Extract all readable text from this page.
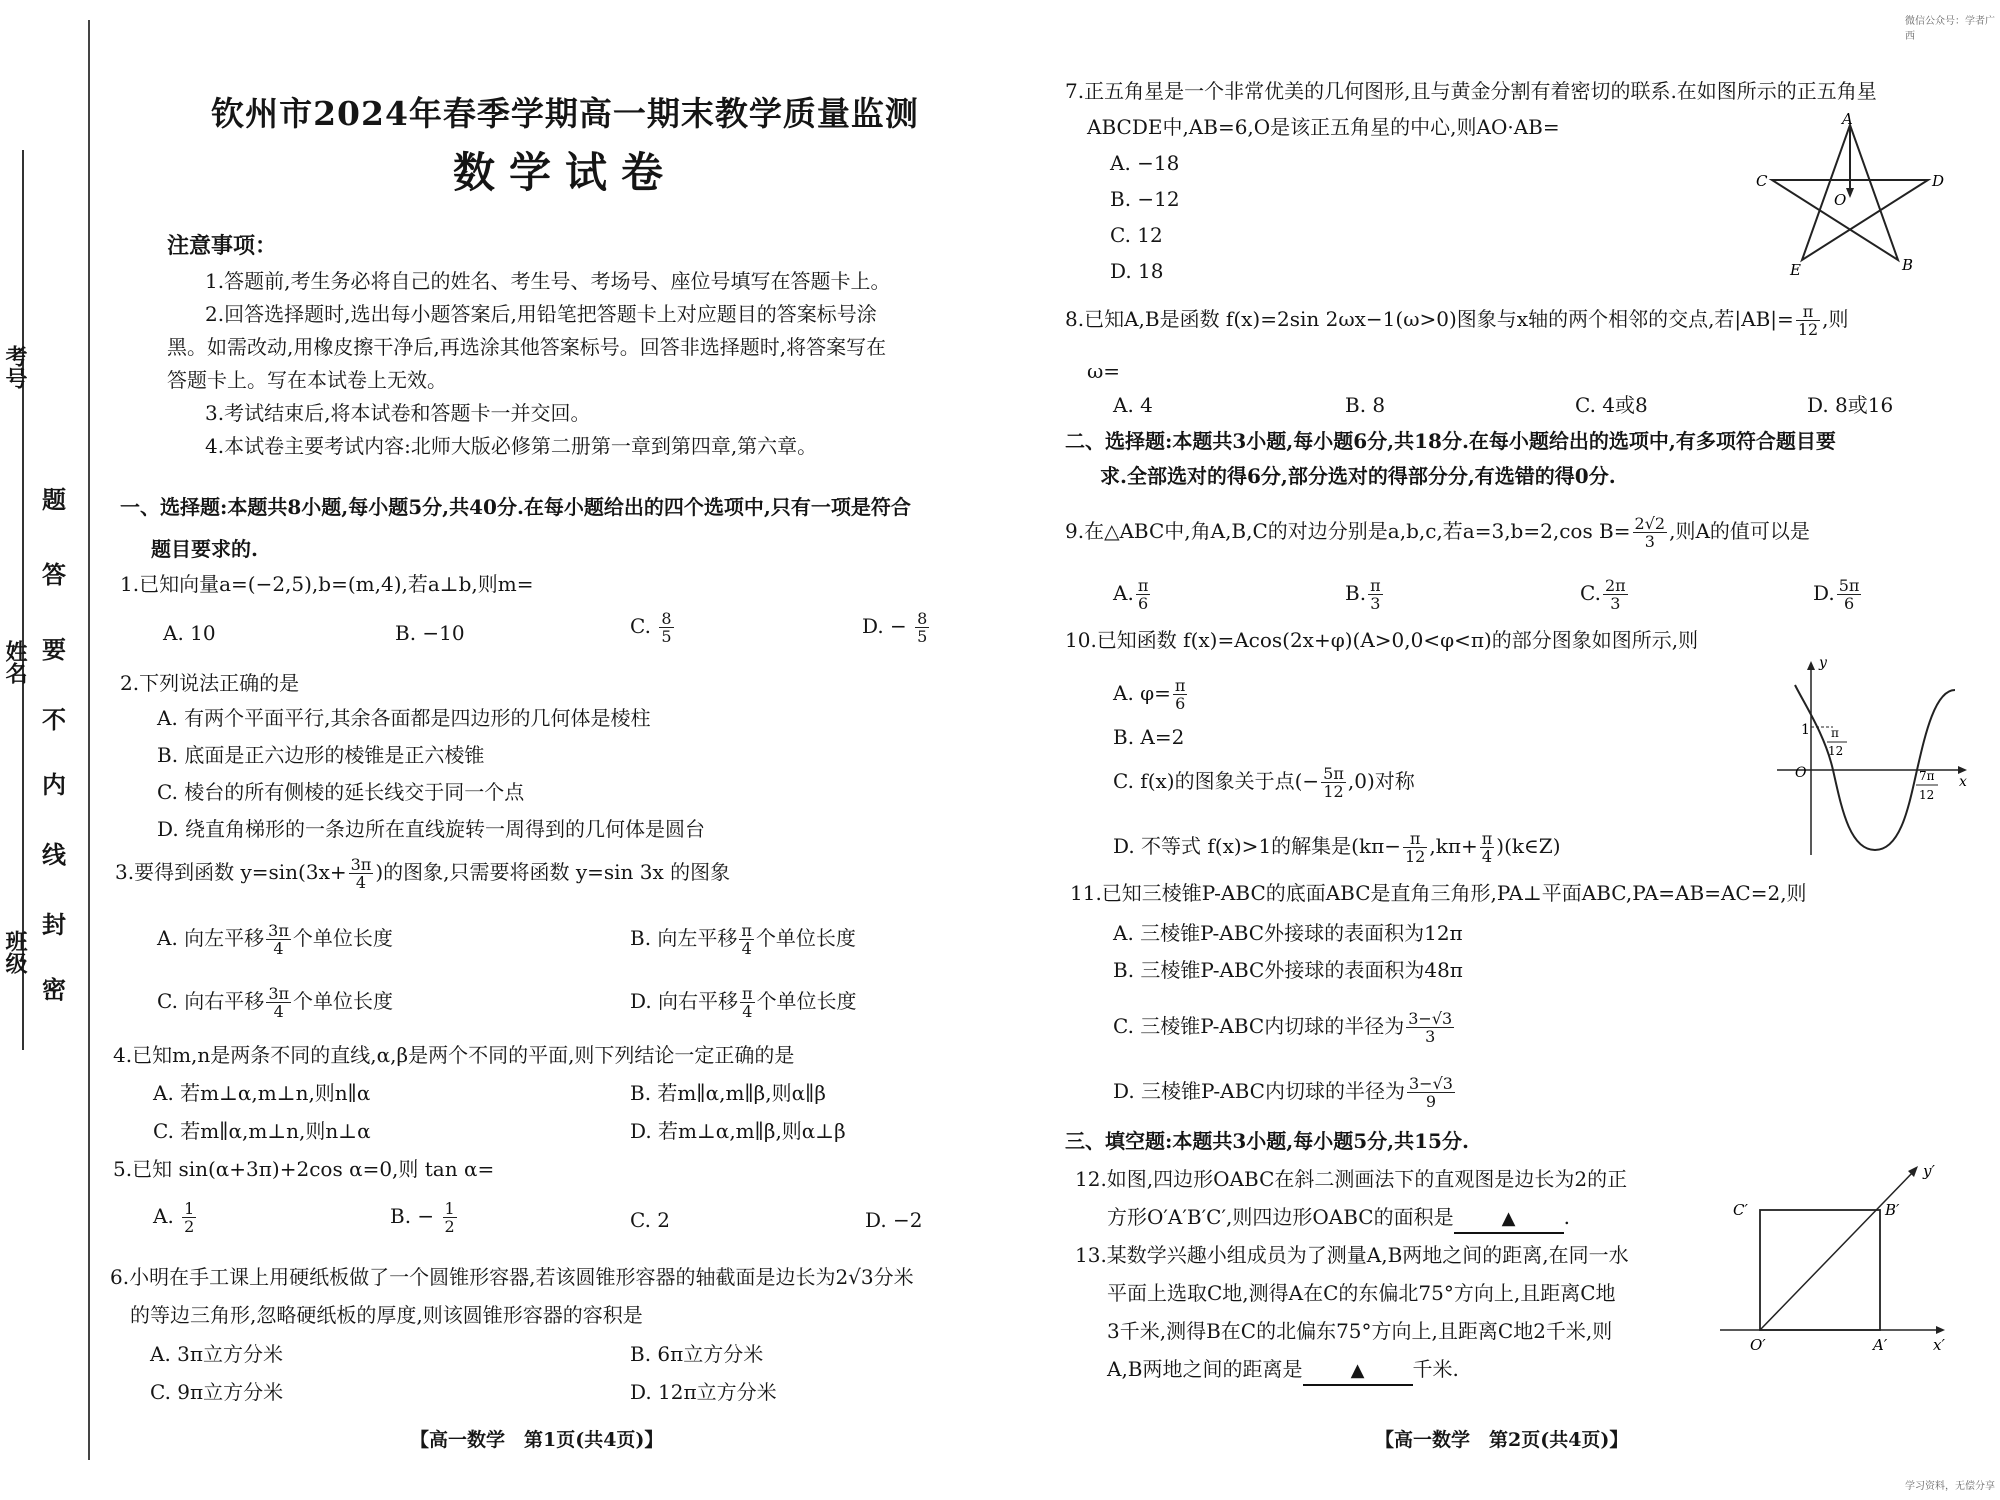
考号
姓名
班级
题
答
要
不
内
线
封
密
钦州市2024年春季学期高一期末教学质量监测
数学试卷
注意事项：
1.答题前,考生务必将自己的姓名、考生号、考场号、座位号填写在答题卡上。
2.回答选择题时,选出每小题答案后,用铅笔把答题卡上对应题目的答案标号涂
黑。如需改动,用橡皮擦干净后,再选涂其他答案标号。回答非选择题时,将答案写在
答题卡上。写在本试卷上无效。
3.考试结束后,将本试卷和答题卡一并交回。
4.本试卷主要考试内容:北师大版必修第二册第一章到第四章,第六章。
一、选择题:本题共8小题,每小题5分,共40分.在每小题给出的四个选项中,只有一项是符合
题目要求的.
1.已知向量a=(−2,5),b=(m,4),若a⊥b,则m=
A. 10	B. −10	C. $\frac{8}{5}$	D. − $\frac{8}{5}$
2.下列说法正确的是
A. 有两个平面平行,其余各面都是四边形的几何体是棱柱
B. 底面是正六边形的棱锥是正六棱锥
C. 棱台的所有侧棱的延长线交于同一个点
D. 绕直角梯形的一条边所在直线旋转一周得到的几何体是圆台
3.要得到函数 $y=\sin(3x+ \frac{3\pi}{4}$ )的图象,只需要将函数 y=sin 3x 的图象
A. 向左平移 $\frac{3\pi}{4}$ 个单位长度	B. 向左平移 $\frac{\pi}{4}$ 个单位长度
C. 向右平移 $\frac{3\pi}{4}$ 个单位长度	D. 向右平移 $\frac{\pi}{4}$ 个单位长度
4.已知m,n是两条不同的直线,α,β是两个不同的平面,则下列结论一定正确的是
A. 若m⊥α,m⊥n,则n∥α	B. 若m∥α,m∥β,则α∥β
C. 若m∥α,m⊥n,则n⊥α	D. 若m⊥α,m∥β,则α⊥β
5.已知 sin(α+3π)+2cos α=0,则 tan α=
A. $\frac{1}{2}$	B. − $\frac{1}{2}$	C. 2	D. −2
6.小明在手工课上用硬纸板做了一个圆锥形容器,若该圆锥形容器的轴截面是边长为2√3分米
的等边三角形,忽略硬纸板的厚度,则该圆锥形容器的容积是
A. 3π立方分米	B. 6π立方分米
C. 9π立方分米	D. 12π立方分米
【高一数学　第1页(共4页)】
7.正五角星是一个非常优美的几何图形,且与黄金分割有着密切的联系.在如图所示的正五角星
ABCDE中,AB=6,O是该正五角星的中心,则AO·AB=
A. −18
B. −12
C. 12
D. 18
A
B
C	D
E
O
8.已知A,B是函数 f(x)=2sin 2ωx−1(ω>0)图象与x轴的两个相邻的交点,若$|AB|= \frac{\pi}{12}$ ,则
ω=
A. 4	B. 8	C. 4或8	D. 8或16
二、选择题:本题共3小题,每小题6分,共18分.在每小题给出的选项中,有多项符合题目要
求.全部选对的得6分,部分选对的得部分分,有选错的得0分.
9.在△ABC中,角A,B,C的对边分别是a,b,c,若a=3,b=2,cos $B= \frac{2√2}{3}$ ,则A的值可以是
A. $\frac{\pi}{6}$	B. $\frac{\pi}{3}$	C. $\frac{2\pi}{3}$	D. $\frac{5\pi}{6}$
10.已知函数 f(x)=Acos(2x+φ)(A>0,0<φ<π)的部分图象如图所示,则
A. $\varphi= \frac{\pi}{6}$
B. A=2
C. f(x)的图象关于点(− $\frac{5\pi}{12} ,0$)对称
D. 不等式 f(x)>1的解集是($k\pi- \frac{\pi}{12} ,k\pi+ \frac{\pi}{4}$ )(k∈Z)
y
x
O
1 π
12
7π
12
11.已知三棱锥P-ABC的底面ABC是直角三角形,PA⊥平面ABC,PA=AB=AC=2,则
A. 三棱锥P-ABC外接球的表面积为12π
B. 三棱锥P-ABC外接球的表面积为48π
C. 三棱锥P-ABC内切球的半径为 $\frac{3-√3}{3}$
D. 三棱锥P-ABC内切球的半径为 $\frac{3-√3}{9}$
三、填空题:本题共3小题,每小题5分,共15分.
12.如图,四边形OABC在斜二测画法下的直观图是边长为2的正
方形O′A′B′C′,则四边形OABC的面积是	▲ .
y′
C′	B′
O′	A′	x′
13.某数学兴趣小组成员为了测量A,B两地之间的距离,在同一水
平面上选取C地,测得A在C的东偏北75°方向上,且距离C地
3千米,测得B在C的北偏东75°方向上,且距离C地2千米,则
A,B两地之间的距离是	▲ 千米.
【高一数学　第2页(共4页)】
微信公众号：学者广西
学习资料，无偿分享
